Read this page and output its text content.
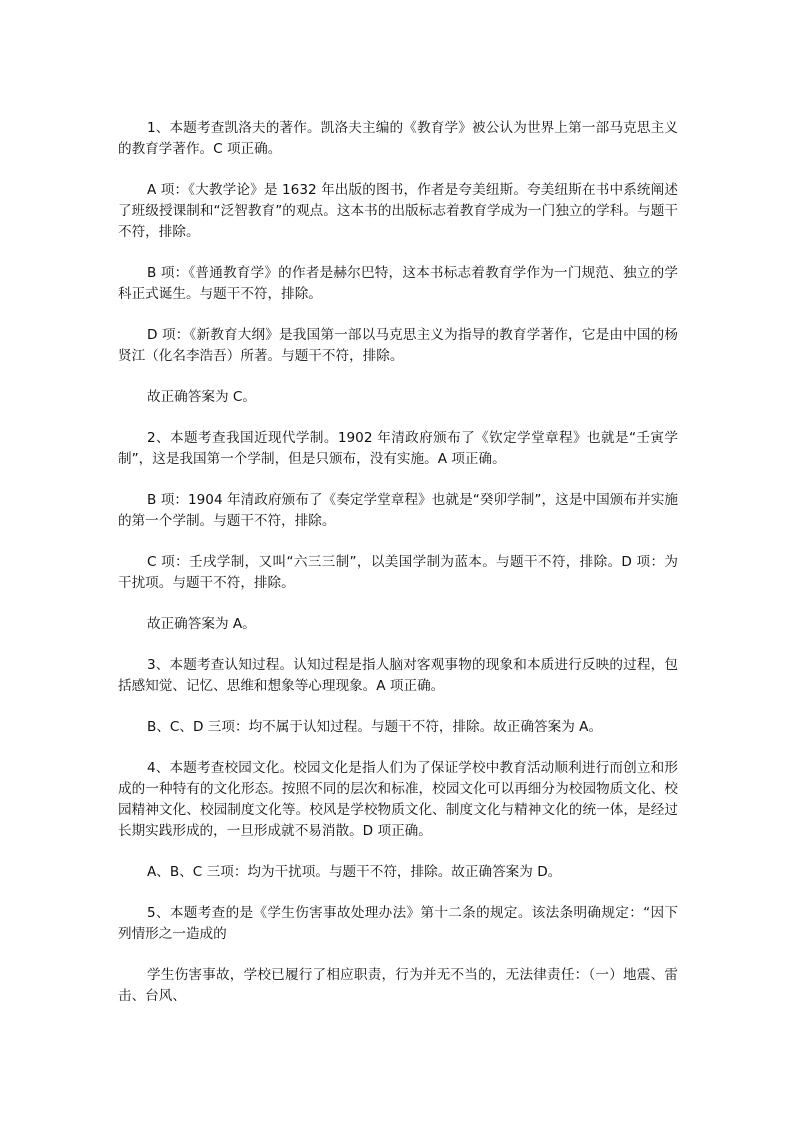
1、本题考查凯洛夫的著作。凯洛夫主编的《教育学》被公认为世界上第一部马克思主义的教育学著作。C 项正确。

A 项：《大教学论》是 1632 年出版的图书，作者是夸美纽斯。夸美纽斯在书中系统阐述了班级授课制和“泛智教育”的观点。这本书的出版标志着教育学成为一门独立的学科。与题干不符，排除。

B 项：《普通教育学》的作者是赫尔巴特，这本书标志着教育学作为一门规范、独立的学科正式诞生。与题干不符，排除。

D 项：《新教育大纲》是我国第一部以马克思主义为指导的教育学著作，它是由中国的杨贤江（化名李浩吾）所著。与题干不符，排除。

故正确答案为 C。

2、本题考查我国近现代学制。1902 年清政府颁布了《钦定学堂章程》也就是“壬寅学制”，这是我国第一个学制，但是只颁布，没有实施。A 项正确。

B 项：1904 年清政府颁布了《奏定学堂章程》也就是“癸卯学制”，这是中国颁布并实施的第一个学制。与题干不符，排除。

C 项：壬戌学制，又叫“六三三制”，以美国学制为蓝本。与题干不符，排除。D 项：为干扰项。与题干不符，排除。

故正确答案为 A。

3、本题考查认知过程。认知过程是指人脑对客观事物的现象和本质进行反映的过程，包括感知觉、记忆、思维和想象等心理现象。A 项正确。

B、C、D 三项：均不属于认知过程。与题干不符，排除。故正确答案为 A。

4、本题考查校园文化。校园文化是指人们为了保证学校中教育活动顺利进行而创立和形成的一种特有的文化形态。按照不同的层次和标准，校园文化可以再细分为校园物质文化、校园精神文化、校园制度文化等。校风是学校物质文化、制度文化与精神文化的统一体，是经过长期实践形成的，一旦形成就不易消散。D 项正确。

A、B、C 三项：均为干扰项。与题干不符，排除。故正确答案为 D。

5、本题考查的是《学生伤害事故处理办法》第十二条的规定。该法条明确规定：“因下列情形之一造成的

学生伤害事故，学校已履行了相应职责，行为并无不当的，无法律责任：（一）地震、雷击、台风、
